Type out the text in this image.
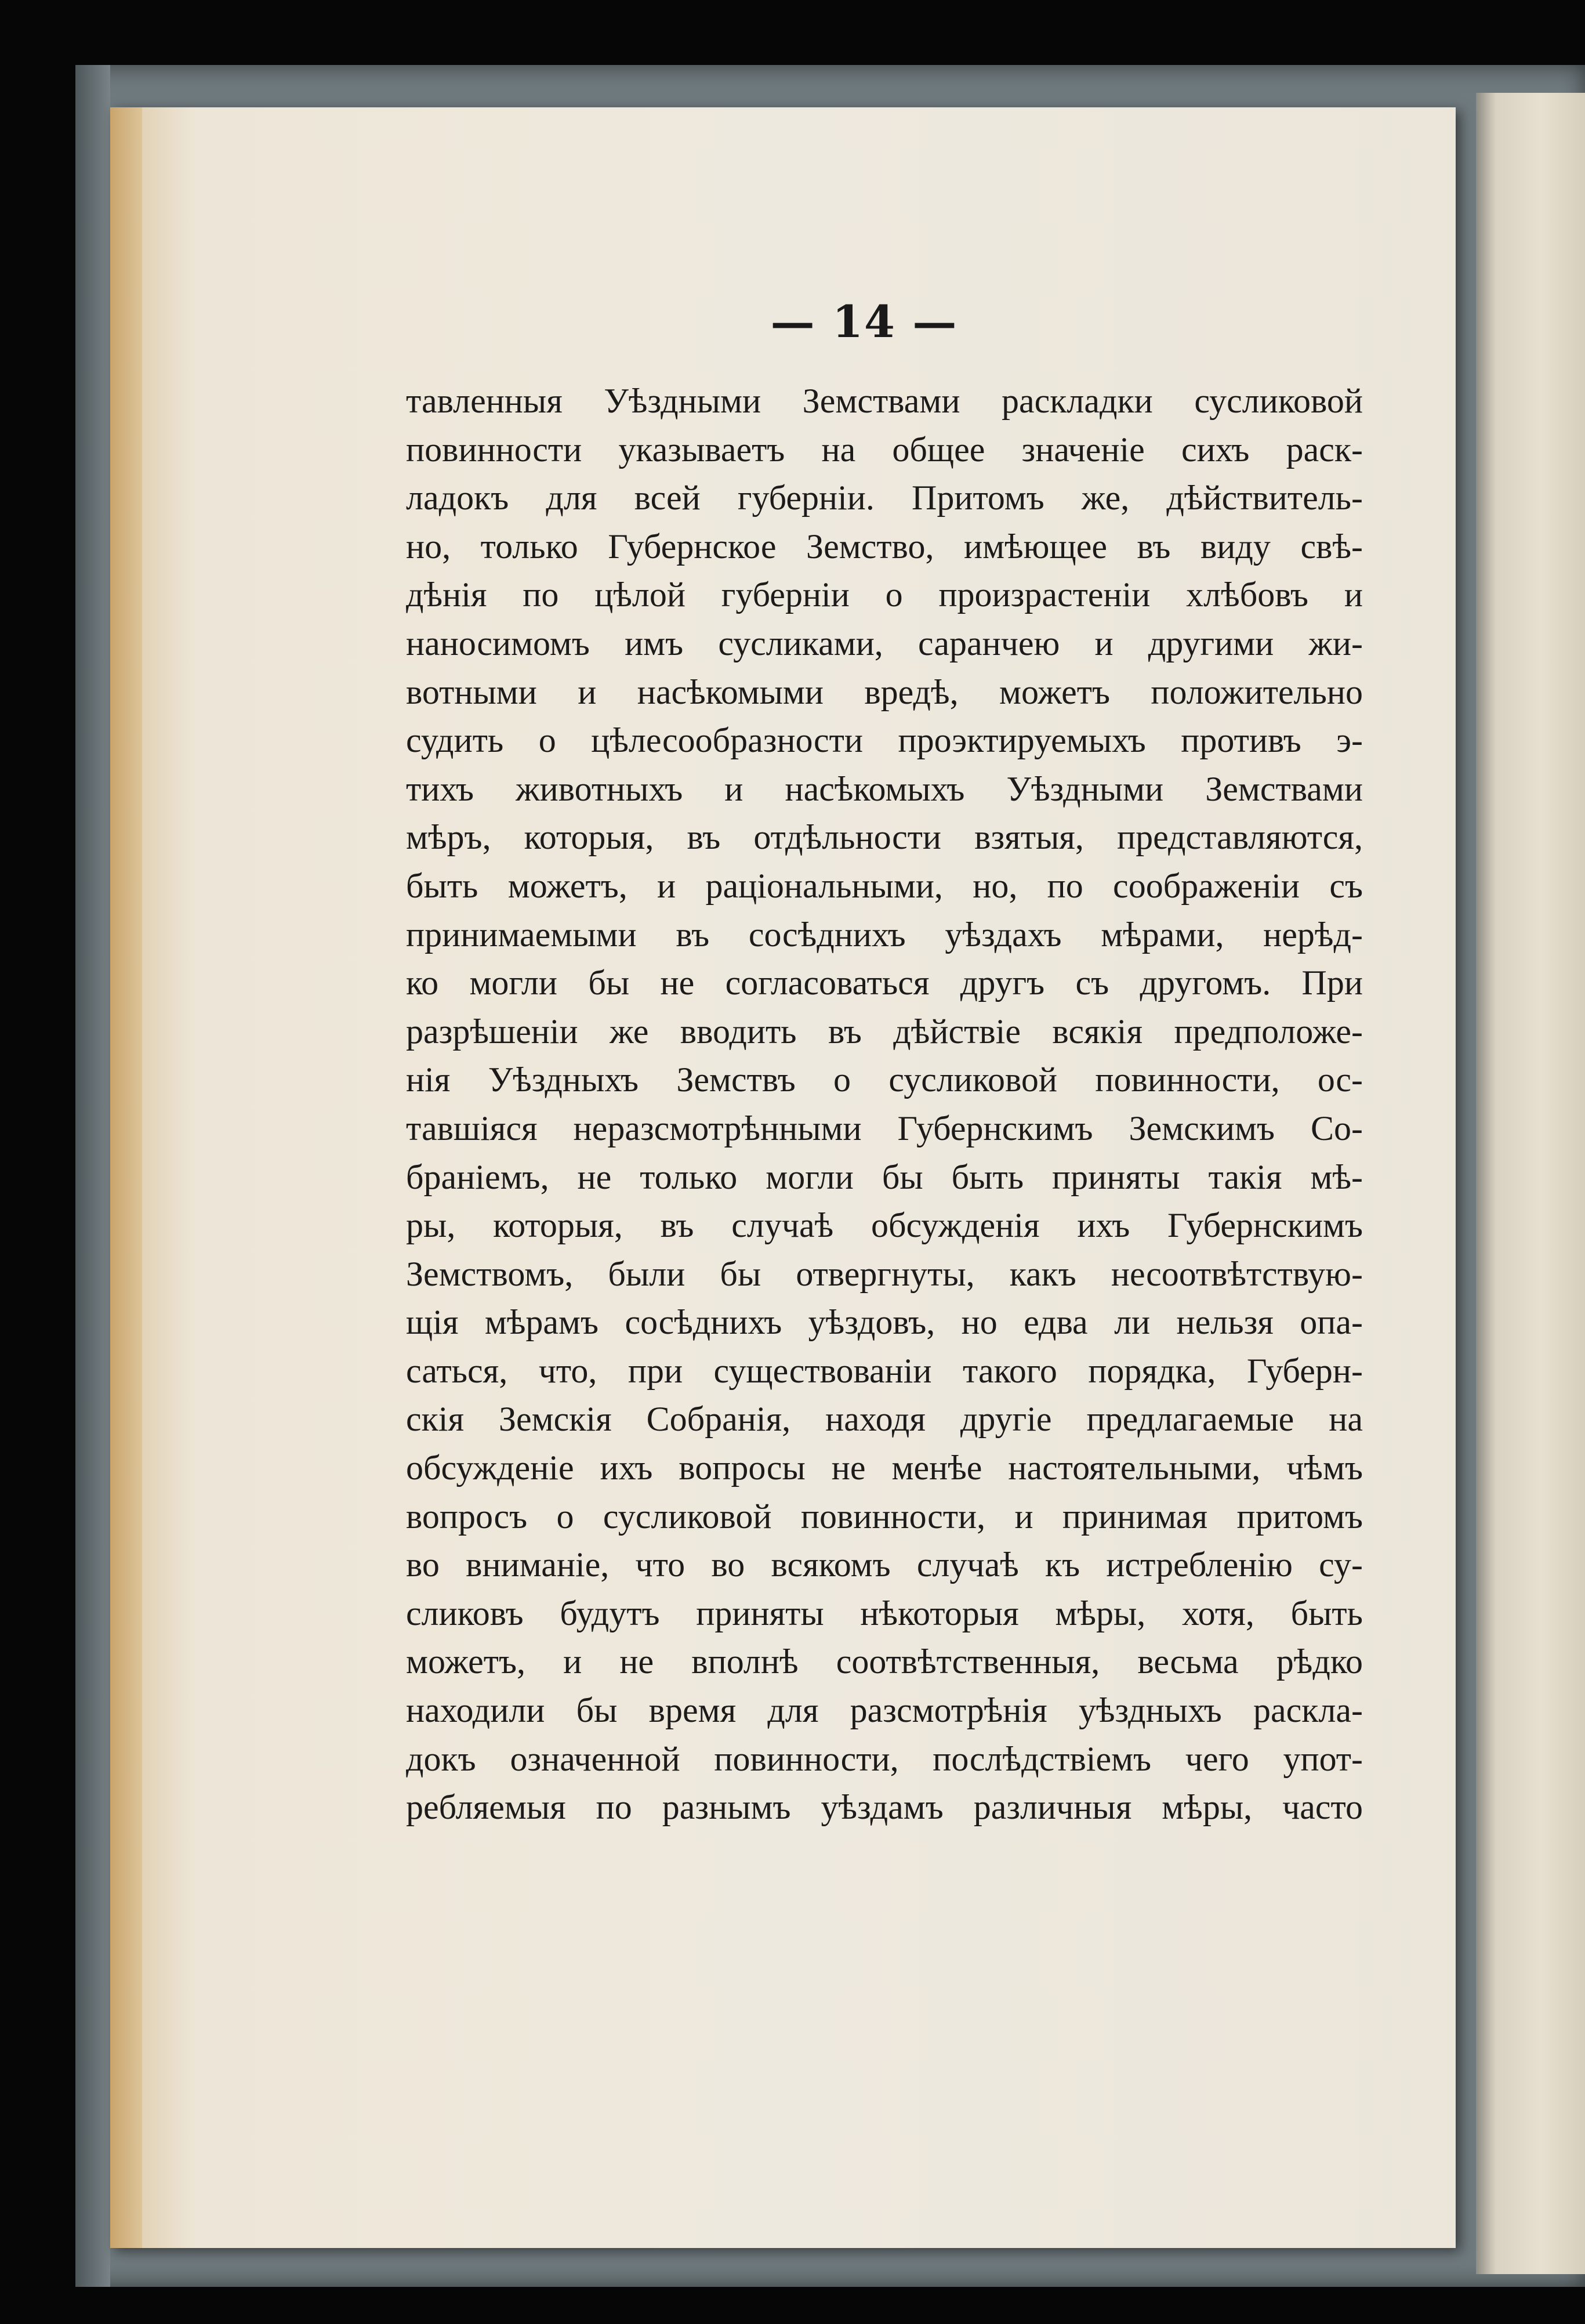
— 14 —
тавленныя Уѣздными Земствами раскладки сусликовой
повинности указываетъ на общее значеніе сихъ раск-
ладокъ для всей губерніи. Притомъ же, дѣйствитель-
но, только Губернское Земство, имѣющее въ виду свѣ-
дѣнія по цѣлой губерніи о произрастеніи хлѣбовъ и
наносимомъ имъ сусликами, саранчею и другими жи-
вотными и насѣкомыми вредѣ, можетъ положительно
судить о цѣлесообразности проэктируемыхъ противъ э-
тихъ животныхъ и насѣкомыхъ Уѣздными Земствами
мѣръ, которыя, въ отдѣльности взятыя, представляются,
быть можетъ, и раціональными, но, по соображеніи съ
принимаемыми въ сосѣднихъ уѣздахъ мѣрами, нерѣд-
ко могли бы не согласоваться другъ съ другомъ. При
разрѣшеніи же вводить въ дѣйствіе всякія предположе-
нія Уѣздныхъ Земствъ о сусликовой повинности, ос-
тавшіяся неразсмотрѣнными Губернскимъ Земскимъ Со-
браніемъ, не только могли бы быть приняты такія мѣ-
ры, которыя, въ случаѣ обсужденія ихъ Губернскимъ
Земствомъ, были бы отвергнуты, какъ несоотвѣтствую-
щія мѣрамъ сосѣднихъ уѣздовъ, но едва ли нельзя опа-
саться, что, при существованіи такого порядка, Губерн-
скія Земскія Собранія, находя другіе предлагаемые на
обсужденіе ихъ вопросы не менѣе настоятельными, чѣмъ
вопросъ о сусликовой повинности, и принимая притомъ
во вниманіе, что во всякомъ случаѣ къ истребленію су-
сликовъ будутъ приняты нѣкоторыя мѣры, хотя, быть
можетъ, и не вполнѣ соотвѣтственныя, весьма рѣдко
находили бы время для разсмотрѣнія уѣздныхъ раскла-
докъ означенной повинности, послѣдствіемъ чего упот-
ребляемыя по разнымъ уѣздамъ различныя мѣры, часто
